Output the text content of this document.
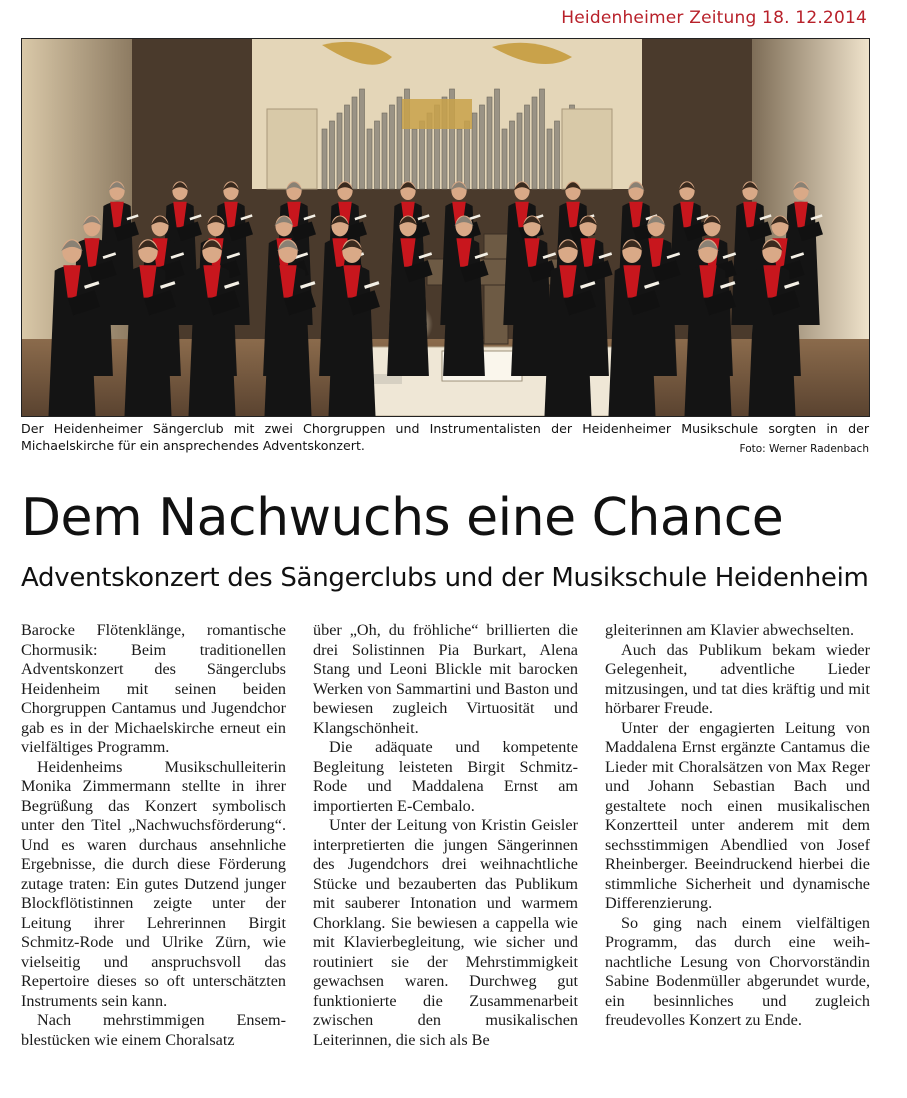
Heidenheimer Zeitung 18. 12.2014
Der Heidenheimer Sängerclub mit zwei Chorgruppen und Instrumentalisten der Heidenheimer Musikschule sorgten in der Michaelskirche für ein ansprechendes Adventskonzert.	Foto: Werner Radenbach
Dem Nachwuchs eine Chance
Adventskonzert des Sängerclubs und der Musikschule Heidenheim

Barocke Flötenklänge, romantische Chormusik: Beim traditionellen Adventskonzert des Sängerclubs Heidenheim mit seinen beiden Chorgruppen Cantamus und Jugendchor gab es in der Michaelskirche erneut ein vielfältiges Programm.

Heidenheims Musikschulleiterin Monika Zimmermann stellte in ihrer Begrüßung das Konzert symbolisch unter den Titel „Nachwuchsförderung“. Und es waren durchaus ansehnliche Ergebnisse, die durch diese Förderung zutage traten: Ein gutes Dutzend junger Blockflötistinnen zeigte unter der Leitung ihrer Lehrerinnen Birgit Schmitz-Rode und Ulrike Zürn, wie vielseitig und anspruchsvoll das Repertoire dieses so oft unterschätzten Instruments sein kann.

Nach mehrstimmigen Ensemblestücken wie einem Choralsatz

über „Oh, du fröhliche“ brillierten die drei Solistinnen Pia Burkart, Alena Stang und Leoni Blickle mit barocken Werken von Sammartini und Baston und bewiesen zugleich Virtuosität und Klangschönheit.

Die adäquate und kompetente Begleitung leisteten Birgit Schmitz-Rode und Maddalena Ernst am importierten E-Cembalo.

Unter der Leitung von Kristin Geisler interpretierten die jungen Sängerinnen des Jugendchors drei weihnachtliche Stücke und bezauberten das Publikum mit sauberer Intonation und warmem Chorklang. Sie bewiesen a cappella wie mit Klavierbegleitung, wie sicher und routiniert sie der Mehrstimmigkeit gewachsen waren. Durchweg gut funktionierte die Zusammenarbeit zwischen den musikalischen Leiterinnen, die sich als Be

gleiterinnen am Klavier abwechselten.

Auch das Publikum bekam wieder Gelegenheit, adventliche Lieder mitzusingen, und tat dies kräftig und mit hörbarer Freude.

Unter der engagierten Leitung von Maddalena Ernst ergänzte Cantamus die Lieder mit Choralsätzen von Max Reger und Johann Sebastian Bach und gestaltete noch einen musikalischen Konzertteil unter anderem mit dem sechsstimmigen Abendlied von Josef Rheinberger. Beeindruckend hierbei die stimmliche Sicherheit und dynamische Differenzierung.

So ging nach einem vielfältigen Programm, das durch eine weihnachtliche Lesung von Chorvorständin Sabine Bodenmüller abgerundet wurde, ein besinnliches und zugleich freudevolles Konzert zu Ende.
